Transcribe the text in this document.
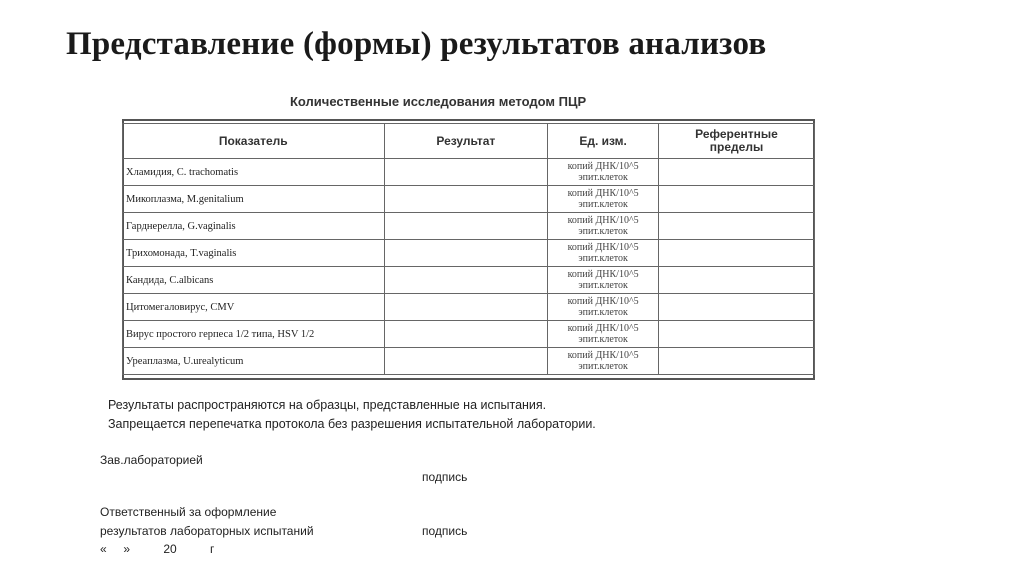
Представление (формы) результатов анализов
Количественные исследования методом ПЦР
Показатель	Результат	Ед. изм.	Референтные пределы
Хламидия, C. trachomatis		копий ДНК/10^5 эпит.клеток	
Микоплазма, M.genitalium		копий ДНК/10^5 эпит.клеток	
Гарднерелла, G.vaginalis		копий ДНК/10^5 эпит.клеток	
Трихомонада, T.vaginalis		копий ДНК/10^5 эпит.клеток	
Кандида, C.albicans		копий ДНК/10^5 эпит.клеток	
Цитомегаловирус, CMV		копий ДНК/10^5 эпит.клеток	
Вирус простого герпеса 1/2 типа, HSV 1/2		копий ДНК/10^5 эпит.клеток	
Уреаплазма, U.urealyticum		копий ДНК/10^5 эпит.клеток	
Результаты распространяются на образцы, представленные на испытания.
Запрещается перепечатка протокола без разрешения испытательной лаборатории.
Зав.лабораторией
подпись
Ответственный за оформление
результатов лабораторных испытаний	подпись
«     »          20          г
